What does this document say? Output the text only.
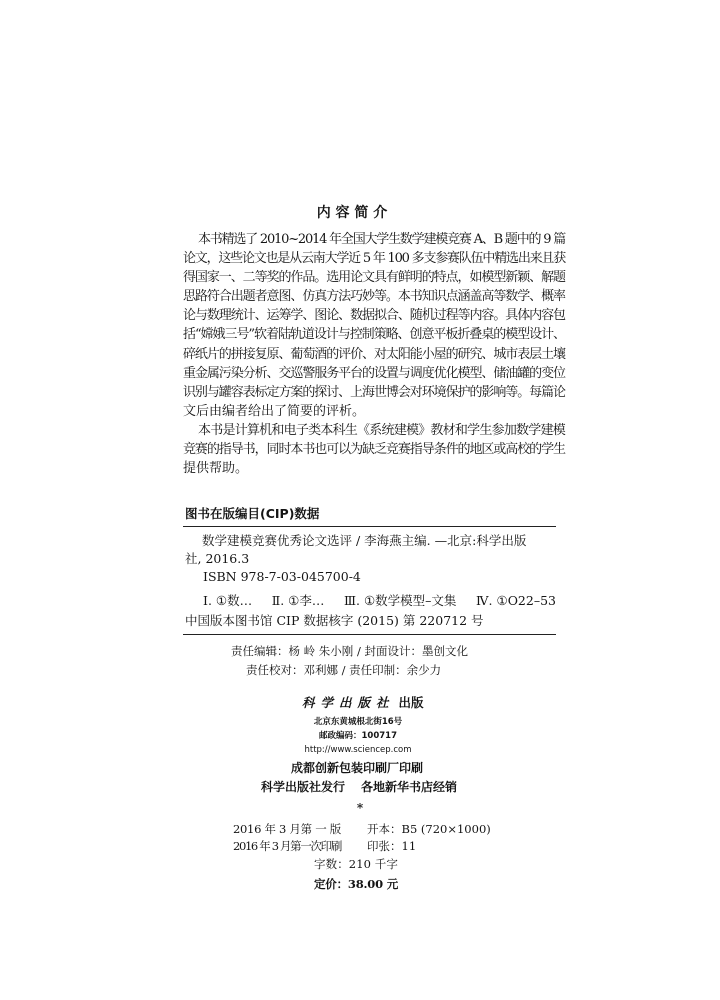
内 容 简 介
本书精选了 2010~2014 年全国大学生数学建模竞赛 A、B 题中的 9 篇
论文，这些论文也是从云南大学近 5 年 100 多支参赛队伍中精选出来且获
得国家一、二等奖的作品。选用论文具有鲜明的特点，如模型新颖、解题
思路符合出题者意图、仿真方法巧妙等。本书知识点涵盖高等数学、概率
论与数理统计、运筹学、图论、数据拟合、随机过程等内容。具体内容包
括“嫦娥三号”软着陆轨道设计与控制策略、创意平板折叠桌的模型设计、
碎纸片的拼接复原、葡萄酒的评价、对太阳能小屋的研究、城市表层土壤
重金属污染分析、交巡警服务平台的设置与调度优化模型、储油罐的变位
识别与罐容表标定方案的探讨、上海世博会对环境保护的影响等。每篇论
文后由编者给出了简要的评析。
本书是计算机和电子类本科生《系统建模》教材和学生参加数学建模
竞赛的指导书，同时本书也可以为缺乏竞赛指导条件的地区或高校的学生
提供帮助。
图书在版编目(CIP)数据
数学建模竞赛优秀论文选评 / 李海燕主编. —北京:科学出版
社, 2016.3
ISBN 978-7-03-045700-4
Ⅰ. ①数… Ⅱ. ①李… Ⅲ. ①数学模型–文集 Ⅳ. ①O22–53
中国版本图书馆 CIP 数据核字 (2015) 第 220712 号
责任编辑：杨 岭 朱小刚 / 封面设计：墨创文化
责任校对：邓利娜 / 责任印制：余少力
科学出版社 出版
北京东黄城根北街16号
邮政编码：100717
http://www.sciencep.com
成都创新包装印刷厂印刷
科学出版社发行 各地新华书店经销
*
2016 年 3 月第 一 版 开本：B5 (720×1000)
2016 年 3 月第一次印刷 印张：11
字数：210 千字
定价：38.00 元
